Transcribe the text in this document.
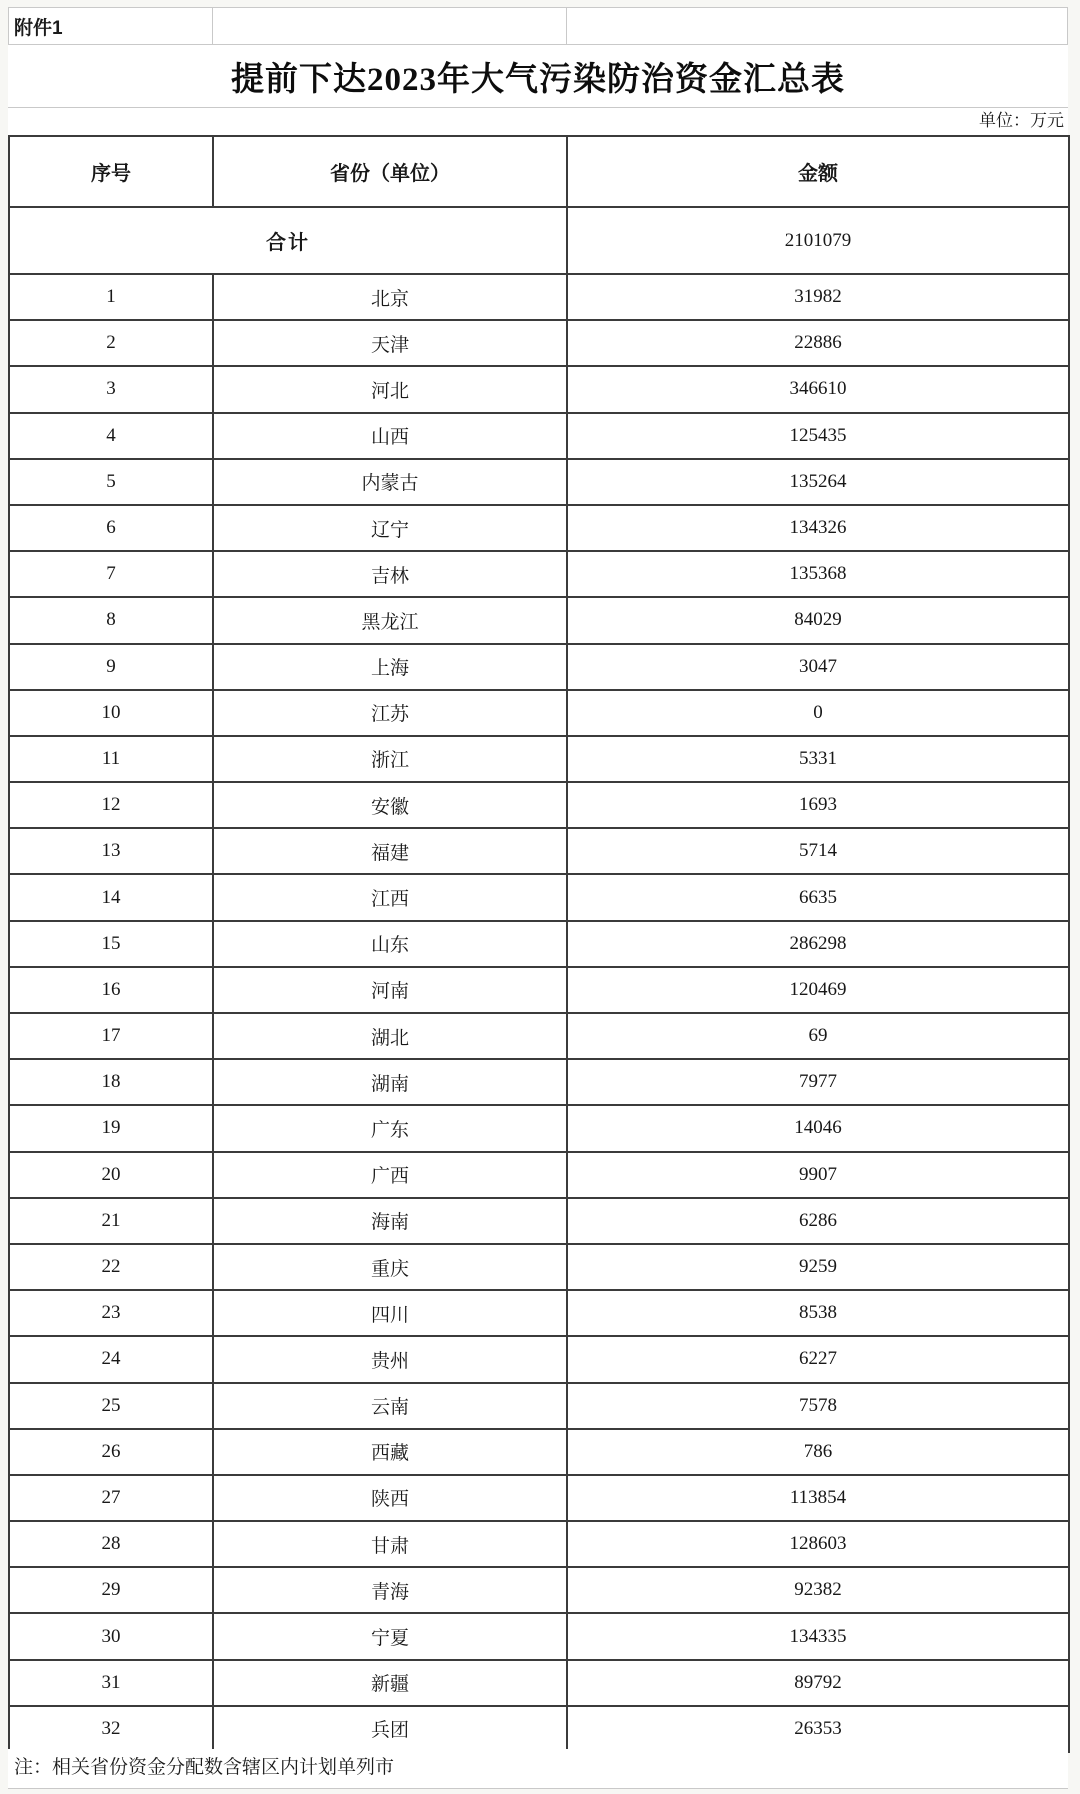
附件1
提前下达2023年大气污染防治资金汇总表
单位：万元
序号	省份（单位）	金额
合计		2101079
1	北京	31982
2	天津	22886
3	河北	346610
4	山西	125435
5	内蒙古	135264
6	辽宁	134326
7	吉林	135368
8	黑龙江	84029
9	上海	3047
10	江苏	0
11	浙江	5331
12	安徽	1693
13	福建	5714
14	江西	6635
15	山东	286298
16	河南	120469
17	湖北	69
18	湖南	7977
19	广东	14046
20	广西	9907
21	海南	6286
22	重庆	9259
23	四川	8538
24	贵州	6227
25	云南	7578
26	西藏	786
27	陕西	113854
28	甘肃	128603
29	青海	92382
30	宁夏	134335
31	新疆	89792
32	兵团	26353
注：相关省份资金分配数含辖区内计划单列市
